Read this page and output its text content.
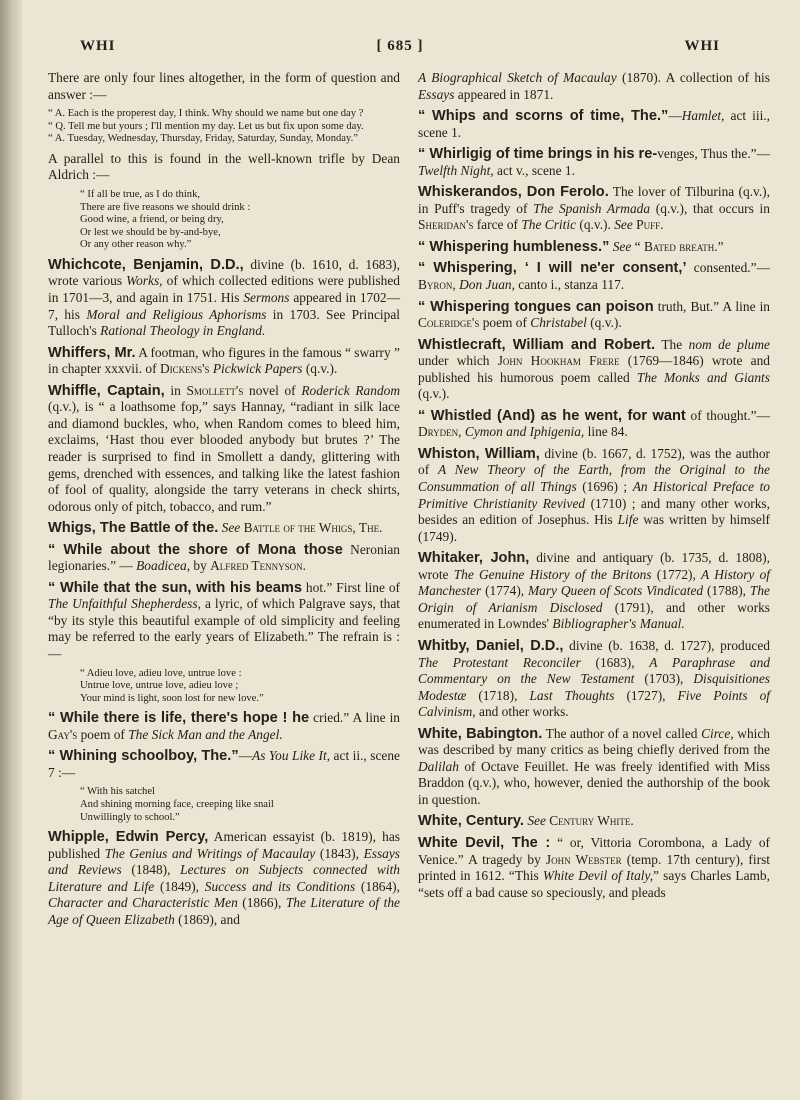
WHI	[ 685 ]	WHI

There are only four lines altogether, in the form of question and answer :—

“ A. Each is the properest day, I think. Why should we name but one day ?
“ Q. Tell me but yours ; I'll mention my day. Let us but fix upon some day.
“ A. Tuesday, Wednesday, Thursday, Friday, Saturday, Sunday, Monday.”

A parallel to this is found in the well-known trifle by Dean Aldrich :—

“ If all be true, as I do think,
There are five reasons we should drink :
Good wine, a friend, or being dry,
Or lest we should be by-and-bye,
Or any other reason why.”

Whichcote, Benjamin, D.D., divine (b. 1610, d. 1683), wrote various Works, of which collected editions were published in 1701—3, and again in 1751. His Sermons appeared in 1702—7, his Moral and Religious Aphorisms in 1703. See Principal Tulloch's Rational Theology in England.

Whiffers, Mr. A footman, who figures in the famous “ swarry ” in chapter xxxvii. of Dickens's Pickwick Papers (q.v.).

Whiffle, Captain, in Smollett's novel of Roderick Random (q.v.), is “ a loathsome fop,” says Hannay, “radiant in silk lace and diamond buckles, who, when Random comes to bleed him, exclaims, ‘Hast thou ever blooded anybody but brutes ?’ The reader is surprised to find in Smollett a dandy, glittering with gems, drenched with essences, and talking like the latest fashion of fool of quality, alongside the tarry veterans in check shirts, odorous only of pitch, tobacco, and rum.”

Whigs, The Battle of the. See Battle of the Whigs, The.

“ While about the shore of Mona those Neronian legionaries.” — Boadicea, by Alfred Tennyson.

“ While that the sun, with his beams hot.” First line of The Unfaithful Shepherdess, a lyric, of which Palgrave says, that “by its style this beautiful example of old simplicity and feeling may be referred to the early years of Elizabeth.” The refrain is :—

“ Adieu love, adieu love, untrue love :
Untrue love, untrue love, adieu love ;
Your mind is light, soon lost for new love.”

“ While there is life, there's hope ! he cried.” A line in Gay's poem of The Sick Man and the Angel.

“ Whining schoolboy, The.”—As You Like It, act ii., scene 7 :—

“ With his satchel
And shining morning face, creeping like snail
Unwillingly to school.”

Whipple, Edwin Percy, American essayist (b. 1819), has published The Genius and Writings of Macaulay (1843), Essays and Reviews (1848), Lectures on Subjects connected with Literature and Life (1849), Success and its Conditions (1864), Character and Characteristic Men (1866), The Literature of the Age of Queen Elizabeth (1869), and

A Biographical Sketch of Macaulay (1870). A collection of his Essays appeared in 1871.

“ Whips and scorns of time, The.”—Hamlet, act iii., scene 1.

“ Whirligig of time brings in his re-venges, Thus the.”—Twelfth Night, act v., scene 1.

Whiskerandos, Don Ferolo. The lover of Tilburina (q.v.), in Puff's tragedy of The Spanish Armada (q.v.), that occurs in Sheridan's farce of The Critic (q.v.). See Puff.

“ Whispering humbleness.” See “ Bated breath.”

“ Whispering, ‘ I will ne'er consent,’ consented.”—Byron, Don Juan, canto i., stanza 117.

“ Whispering tongues can poison truth, But.” A line in Coleridge's poem of Christabel (q.v.).

Whistlecraft, William and Robert. The nom de plume under which John Hookham Frere (1769—1846) wrote and published his humorous poem called The Monks and Giants (q.v.).

“ Whistled (And) as he went, for want of thought.”—Dryden, Cymon and Iphigenia, line 84.

Whiston, William, divine (b. 1667, d. 1752), was the author of A New Theory of the Earth, from the Original to the Consummation of all Things (1696) ; An Historical Preface to Primitive Christianity Revived (1710) ; and many other works, besides an edition of Josephus. His Life was written by himself (1749).

Whitaker, John, divine and antiquary (b. 1735, d. 1808), wrote The Genuine History of the Britons (1772), A History of Manchester (1774), Mary Queen of Scots Vindicated (1788), The Origin of Arianism Disclosed (1791), and other works enumerated in Lowndes' Bibliographer's Manual.

Whitby, Daniel, D.D., divine (b. 1638, d. 1727), produced The Protestant Reconciler (1683), A Paraphrase and Commentary on the New Testament (1703), Disquisitiones Modestæ (1718), Last Thoughts (1727), Five Points of Calvinism, and other works.

White, Babington. The author of a novel called Circe, which was described by many critics as being chiefly derived from the Dalilah of Octave Feuillet. He was freely identified with Miss Braddon (q.v.), who, however, denied the authorship of the book in question.

White, Century. See Century White.

White Devil, The : “ or, Vittoria Corombona, a Lady of Venice.” A tragedy by John Webster (temp. 17th century), first printed in 1612. “This White Devil of Italy,” says Charles Lamb, “sets off a bad cause so speciously, and pleads
